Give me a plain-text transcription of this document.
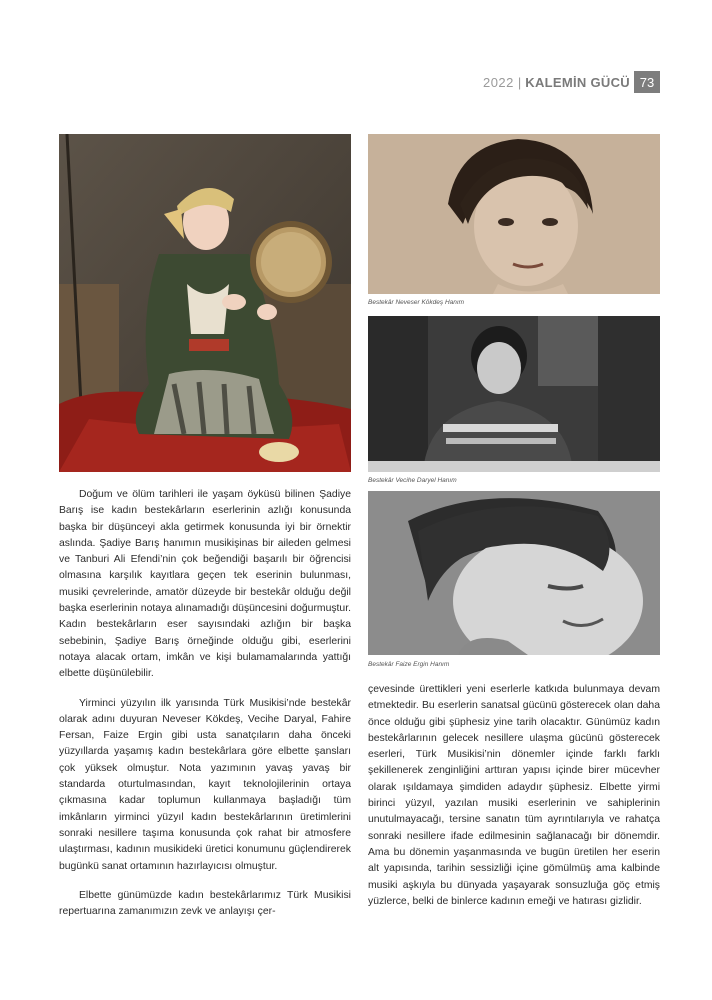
2022 | KALEMİN GÜCÜ 73
Bestekâr Neveser Kökdeş Hanım
Bestekâr Vecihe Daryel Hanım
Bestekâr Faize Ergin Hanım

Doğum ve ölüm tarihleri ile yaşam öyküsü bilinen Şadiye Barış ise kadın bestekârların eserlerinin azlığı konusunda başka bir düşünceyi akla getirmek konusunda iyi bir örnektir aslında. Şadiye Barış hanımın musikişinas bir aileden gelmesi ve Tanburi Ali Efendi’nin çok beğendiği başarılı bir öğrencisi olmasına karşılık kayıtlara geçen tek eserinin bulunması, musiki çevrelerinde, amatör düzeyde bir bestekâr olduğu değil başka eserlerinin notaya alınamadığı düşüncesini doğurmuştur. Kadın bestekârların eser sayısındaki azlığın bir başka sebebinin, Şadiye Barış örneğinde olduğu gibi, eserlerini notaya alacak ortam, imkân ve kişi bulamamalarında yattığı elbette düşünülebilir.

Yirminci yüzyılın ilk yarısında Türk Musikisi’nde bestekâr olarak adını duyuran Neveser Kökdeş, Vecihe Daryal, Fahire Fersan, Faize Ergin gibi usta sanatçıların daha önceki yüzyıllarda yaşamış kadın bestekârlara göre elbette şansları çok yüksek olmuştur. Nota yazımının yavaş yavaş bir standarda oturtulmasından, kayıt teknolojilerinin ortaya çıkmasına kadar toplumun kullanmaya başladığı tüm imkânların yirminci yüzyıl kadın bestekârlarının üretimlerini sonraki nesillere taşıma konusunda çok rahat bir atmosfere ulaştırması, kadının musikideki üretici konumunu güçlendirerek bugünkü sanat ortamının hazırlayıcısı olmuştur.

Elbette günümüzde kadın bestekârlarımız Türk Musikisi repertuarına zamanımızın zevk ve anlayışı çer-

çevesinde ürettikleri yeni eserlerle katkıda bulunmaya devam etmektedir. Bu eserlerin sanatsal gücünü gösterecek olan daha önce olduğu gibi şüphesiz yine tarih olacaktır. Günümüz kadın bestekârlarının gelecek nesillere ulaşma gücünü gösterecek eserleri, Türk Musikisi’nin dönemler içinde farklı farklı şekillenerek zenginliğini arttıran yapısı içinde birer mücevher olarak ışıldamaya şimdiden adaydır şüphesiz. Elbette yirmi birinci yüzyıl, yazılan musiki eserlerinin ve sahiplerinin unutulmayacağı, tersine sanatın tüm ayrıntılarıyla ve rahatça sonraki nesillere ifade edilmesinin sağlanacağı bir dönemdir. Ama bu dönemin yaşanmasında ve bugün üretilen her eserin alt yapısında, tarihin sessizliği içine gömülmüş ama kalbinde musiki aşkıyla bu dünyada yaşayarak sonsuzluğa göç etmiş yüzlerce, belki de binlerce kadının emeği ve hatırası gizlidir.
